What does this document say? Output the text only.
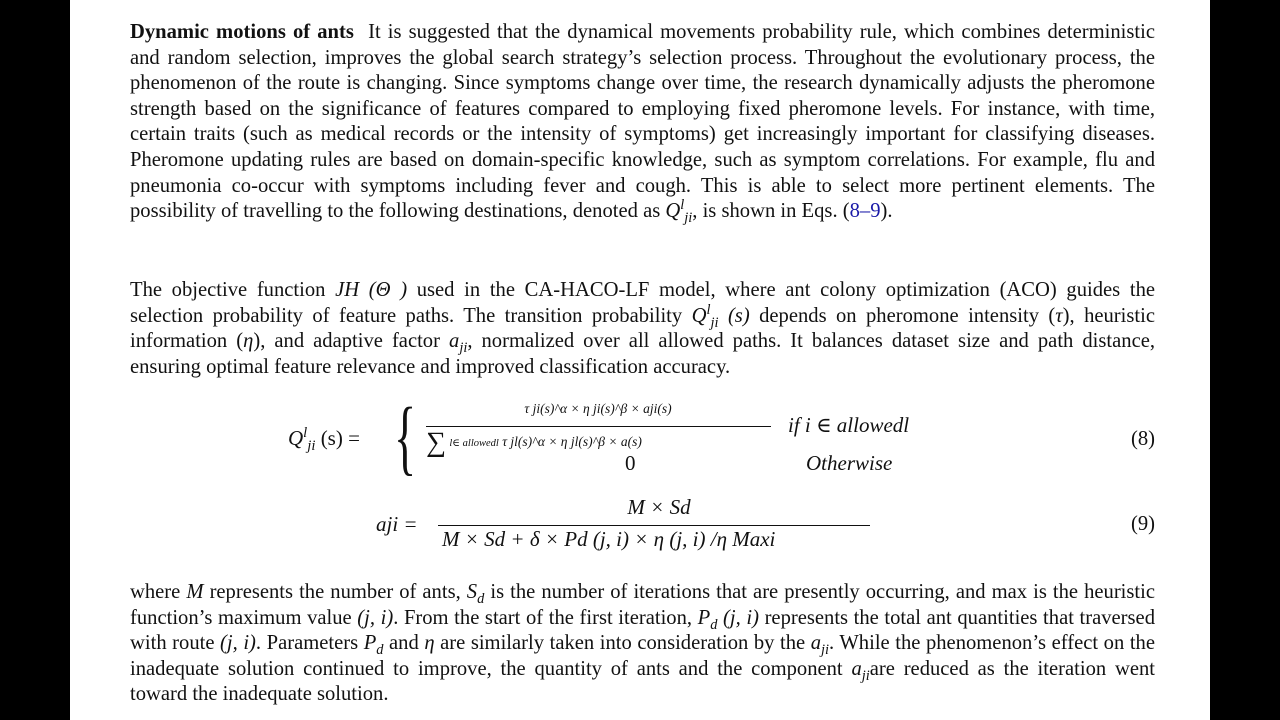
Dynamic motions of ants It is suggested that the dynamical movements probability rule, which combines deterministic and random selection, improves the global search strategy’s selection process. Throughout the evolutionary process, the phenomenon of the route is changing. Since symptoms change over time, the research dynamically adjusts the pheromone strength based on the significance of features compared to employing fixed pheromone levels. For instance, with time, certain traits (such as medical records or the intensity of symptoms) get increasingly important for classifying diseases. Pheromone updating rules are based on domain-specific knowledge, such as symptom correlations. For example, flu and pneumonia co-occur with symptoms including fever and cough. This is able to select more pertinent elements. The possibility of travelling to the following destinations, denoted as $Q^l_{ji}$, is shown in Eqs. (8–9).

The objective function JH (Θ ) used in the CA-HACO-LF model, where ant colony optimization (ACO) guides the selection probability of feature paths. The transition probability $Q^l_{ji}$ (s) depends on pheromone intensity (τ), heuristic information (η), and adaptive factor $a_{ji}$, normalized over all allowed paths. It balances dataset size and path distance, ensuring optimal feature relevance and improved classification accuracy.

$Q^l_{ji}$ (s) = {	τ ji(s)^α × η ji(s)^β × aji(s)
∑ l∈ allowedl τ jl(s)^α × η jl(s)^β × a(s)
0
if i ∈ allowedl
Otherwise
(8)
aji =
M × Sd
M × Sd + δ × Pd (j, i) × η (j, i) /η Maxi
(9)

where M represents the number of ants, $S_d$ is the number of iterations that are presently occurring, and max is the heuristic function’s maximum value (j, i). From the start of the first iteration, $P_d$ (j, i) represents the total ant quantities that traversed with route (j, i). Parameters $P_d$ and η are similarly taken into consideration by the $a_{ji}$. While the phenomenon’s effect on the inadequate solution continued to improve, the quantity of ants and the component $a_{ji}are$ reduced as the iteration went toward the inadequate solution.
